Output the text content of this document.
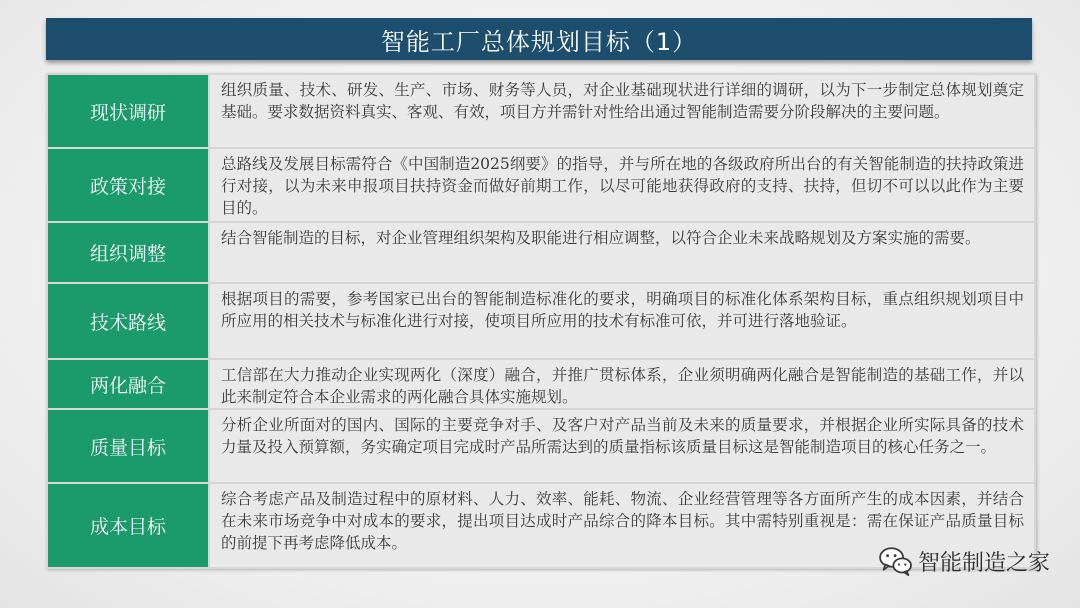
智能工厂总体规划目标（1）
现状调研
组织质量、技术、研发、生产、市场、财务等人员，对企业基础现状进行详细的调研，以为下一步制定总体规划奠定基础。要求数据资料真实、客观、有效，项目方并需针对性给出通过智能制造需要分阶段解决的主要问题。
政策对接
总路线及发展目标需符合《中国制造2025纲要》的指导，并与所在地的各级政府所出台的有关智能制造的扶持政策进行对接，以为未来申报项目扶持资金而做好前期工作，以尽可能地获得政府的支持、扶持，但切不可以以此作为主要目的。
组织调整
结合智能制造的目标，对企业管理组织架构及职能进行相应调整，以符合企业未来战略规划及方案实施的需要。
技术路线
根据项目的需要，参考国家已出台的智能制造标准化的要求，明确项目的标准化体系架构目标，重点组织规划项目中所应用的相关技术与标准化进行对接，使项目所应用的技术有标准可依，并可进行落地验证。
两化融合	工信部在大力推动企业实现两化（深度）融合，并推广贯标体系，企业须明确两化融合是智能制造的基础工作，并以此来制定符合本企业需求的两化融合具体实施规划。
质量目标
分析企业所面对的国内、国际的主要竞争对手、及客户对产品当前及未来的质量要求，并根据企业所实际具备的技术力量及投入预算额，务实确定项目完成时产品所需达到的质量指标该质量目标这是智能制造项目的核心任务之一。
成本目标
综合考虑产品及制造过程中的原材料、人力、效率、能耗、物流、企业经营管理等各方面所产生的成本因素，并结合在未来市场竞争中对成本的要求，提出项目达成时产品综合的降本目标。其中需特别重视是：需在保证产品质量目标的前提下再考虑降低成本。
智能制造之家
